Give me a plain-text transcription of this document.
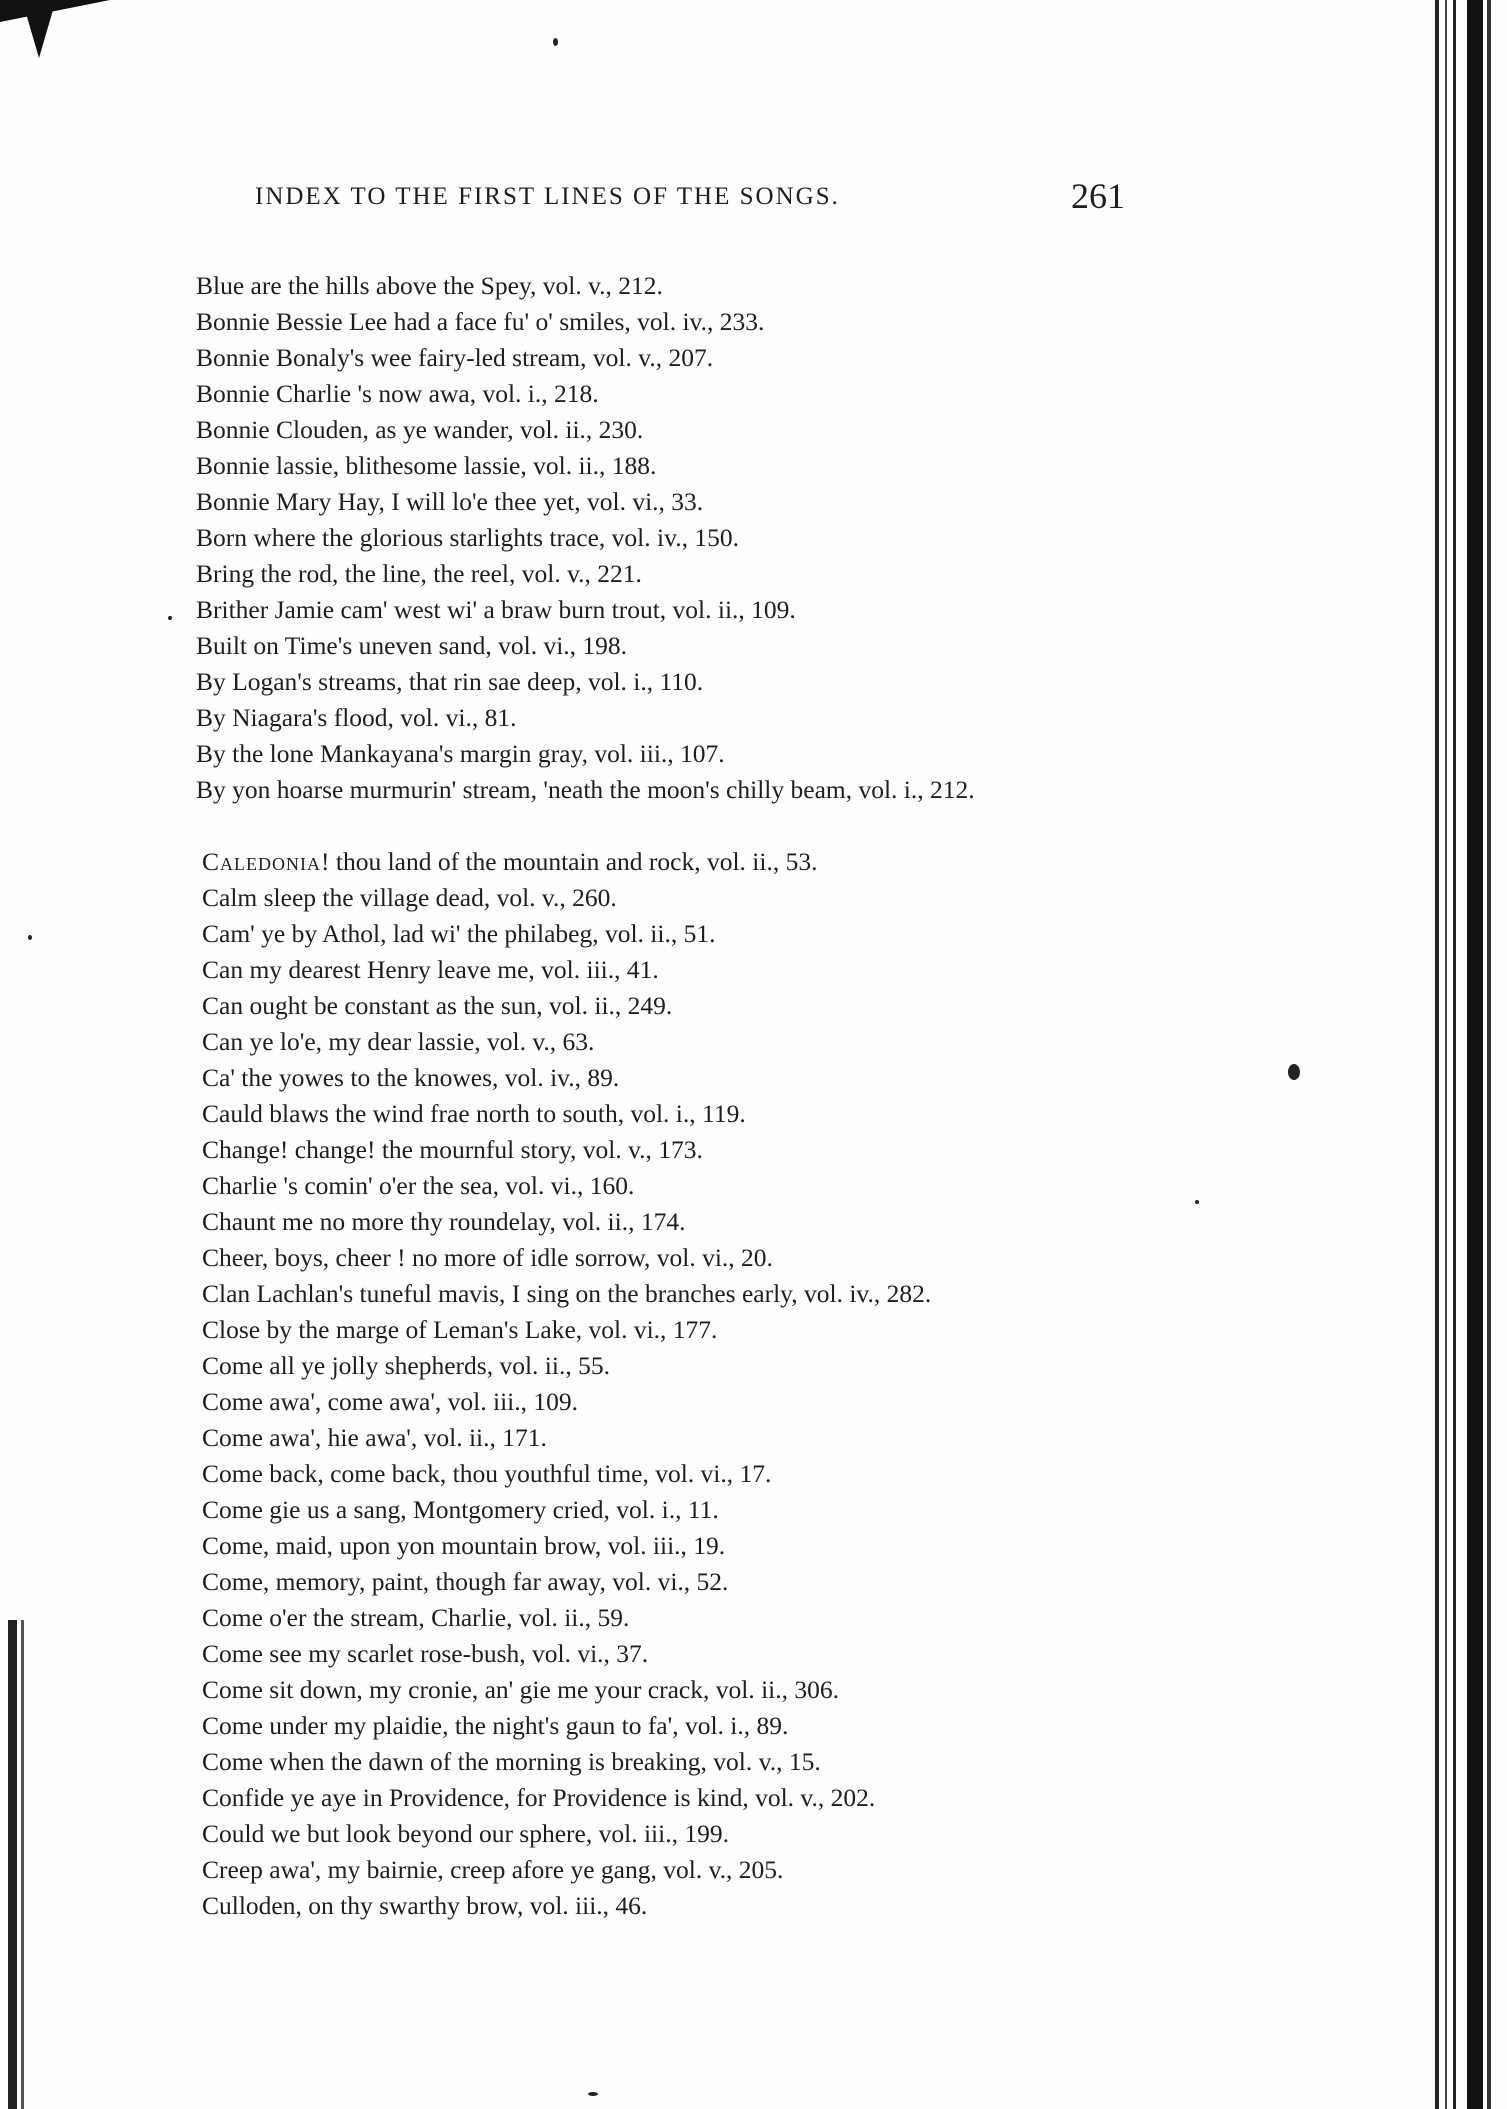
INDEX TO THE FIRST LINES OF THE SONGS.	261
Blue are the hills above the Spey, vol. v., 212.
Bonnie Bessie Lee had a face fu' o' smiles, vol. iv., 233.
Bonnie Bonaly's wee fairy-led stream, vol. v., 207.
Bonnie Charlie 's now awa, vol. i., 218.
Bonnie Clouden, as ye wander, vol. ii., 230.
Bonnie lassie, blithesome lassie, vol. ii., 188.
Bonnie Mary Hay, I will lo'e thee yet, vol. vi., 33.
Born where the glorious starlights trace, vol. iv., 150.
Bring the rod, the line, the reel, vol. v., 221.
Brither Jamie cam' west wi' a braw burn trout, vol. ii., 109.
Built on Time's uneven sand, vol. vi., 198.
By Logan's streams, that rin sae deep, vol. i., 110.
By Niagara's flood, vol. vi., 81.
By the lone Mankayana's margin gray, vol. iii., 107.
By yon hoarse murmurin' stream, 'neath the moon's chilly beam, vol. i., 212.
Caledonia! thou land of the mountain and rock, vol. ii., 53.
Calm sleep the village dead, vol. v., 260.
Cam' ye by Athol, lad wi' the philabeg, vol. ii., 51.
Can my dearest Henry leave me, vol. iii., 41.
Can ought be constant as the sun, vol. ii., 249.
Can ye lo'e, my dear lassie, vol. v., 63.
Ca' the yowes to the knowes, vol. iv., 89.
Cauld blaws the wind frae north to south, vol. i., 119.
Change! change! the mournful story, vol. v., 173.
Charlie 's comin' o'er the sea, vol. vi., 160.
Chaunt me no more thy roundelay, vol. ii., 174.
Cheer, boys, cheer ! no more of idle sorrow, vol. vi., 20.
Clan Lachlan's tuneful mavis, I sing on the branches early, vol. iv., 282.
Close by the marge of Leman's Lake, vol. vi., 177.
Come all ye jolly shepherds, vol. ii., 55.
Come awa', come awa', vol. iii., 109.
Come awa', hie awa', vol. ii., 171.
Come back, come back, thou youthful time, vol. vi., 17.
Come gie us a sang, Montgomery cried, vol. i., 11.
Come, maid, upon yon mountain brow, vol. iii., 19.
Come, memory, paint, though far away, vol. vi., 52.
Come o'er the stream, Charlie, vol. ii., 59.
Come see my scarlet rose-bush, vol. vi., 37.
Come sit down, my cronie, an' gie me your crack, vol. ii., 306.
Come under my plaidie, the night's gaun to fa', vol. i., 89.
Come when the dawn of the morning is breaking, vol. v., 15.
Confide ye aye in Providence, for Providence is kind, vol. v., 202.
Could we but look beyond our sphere, vol. iii., 199.
Creep awa', my bairnie, creep afore ye gang, vol. v., 205.
Culloden, on thy swarthy brow, vol. iii., 46.
